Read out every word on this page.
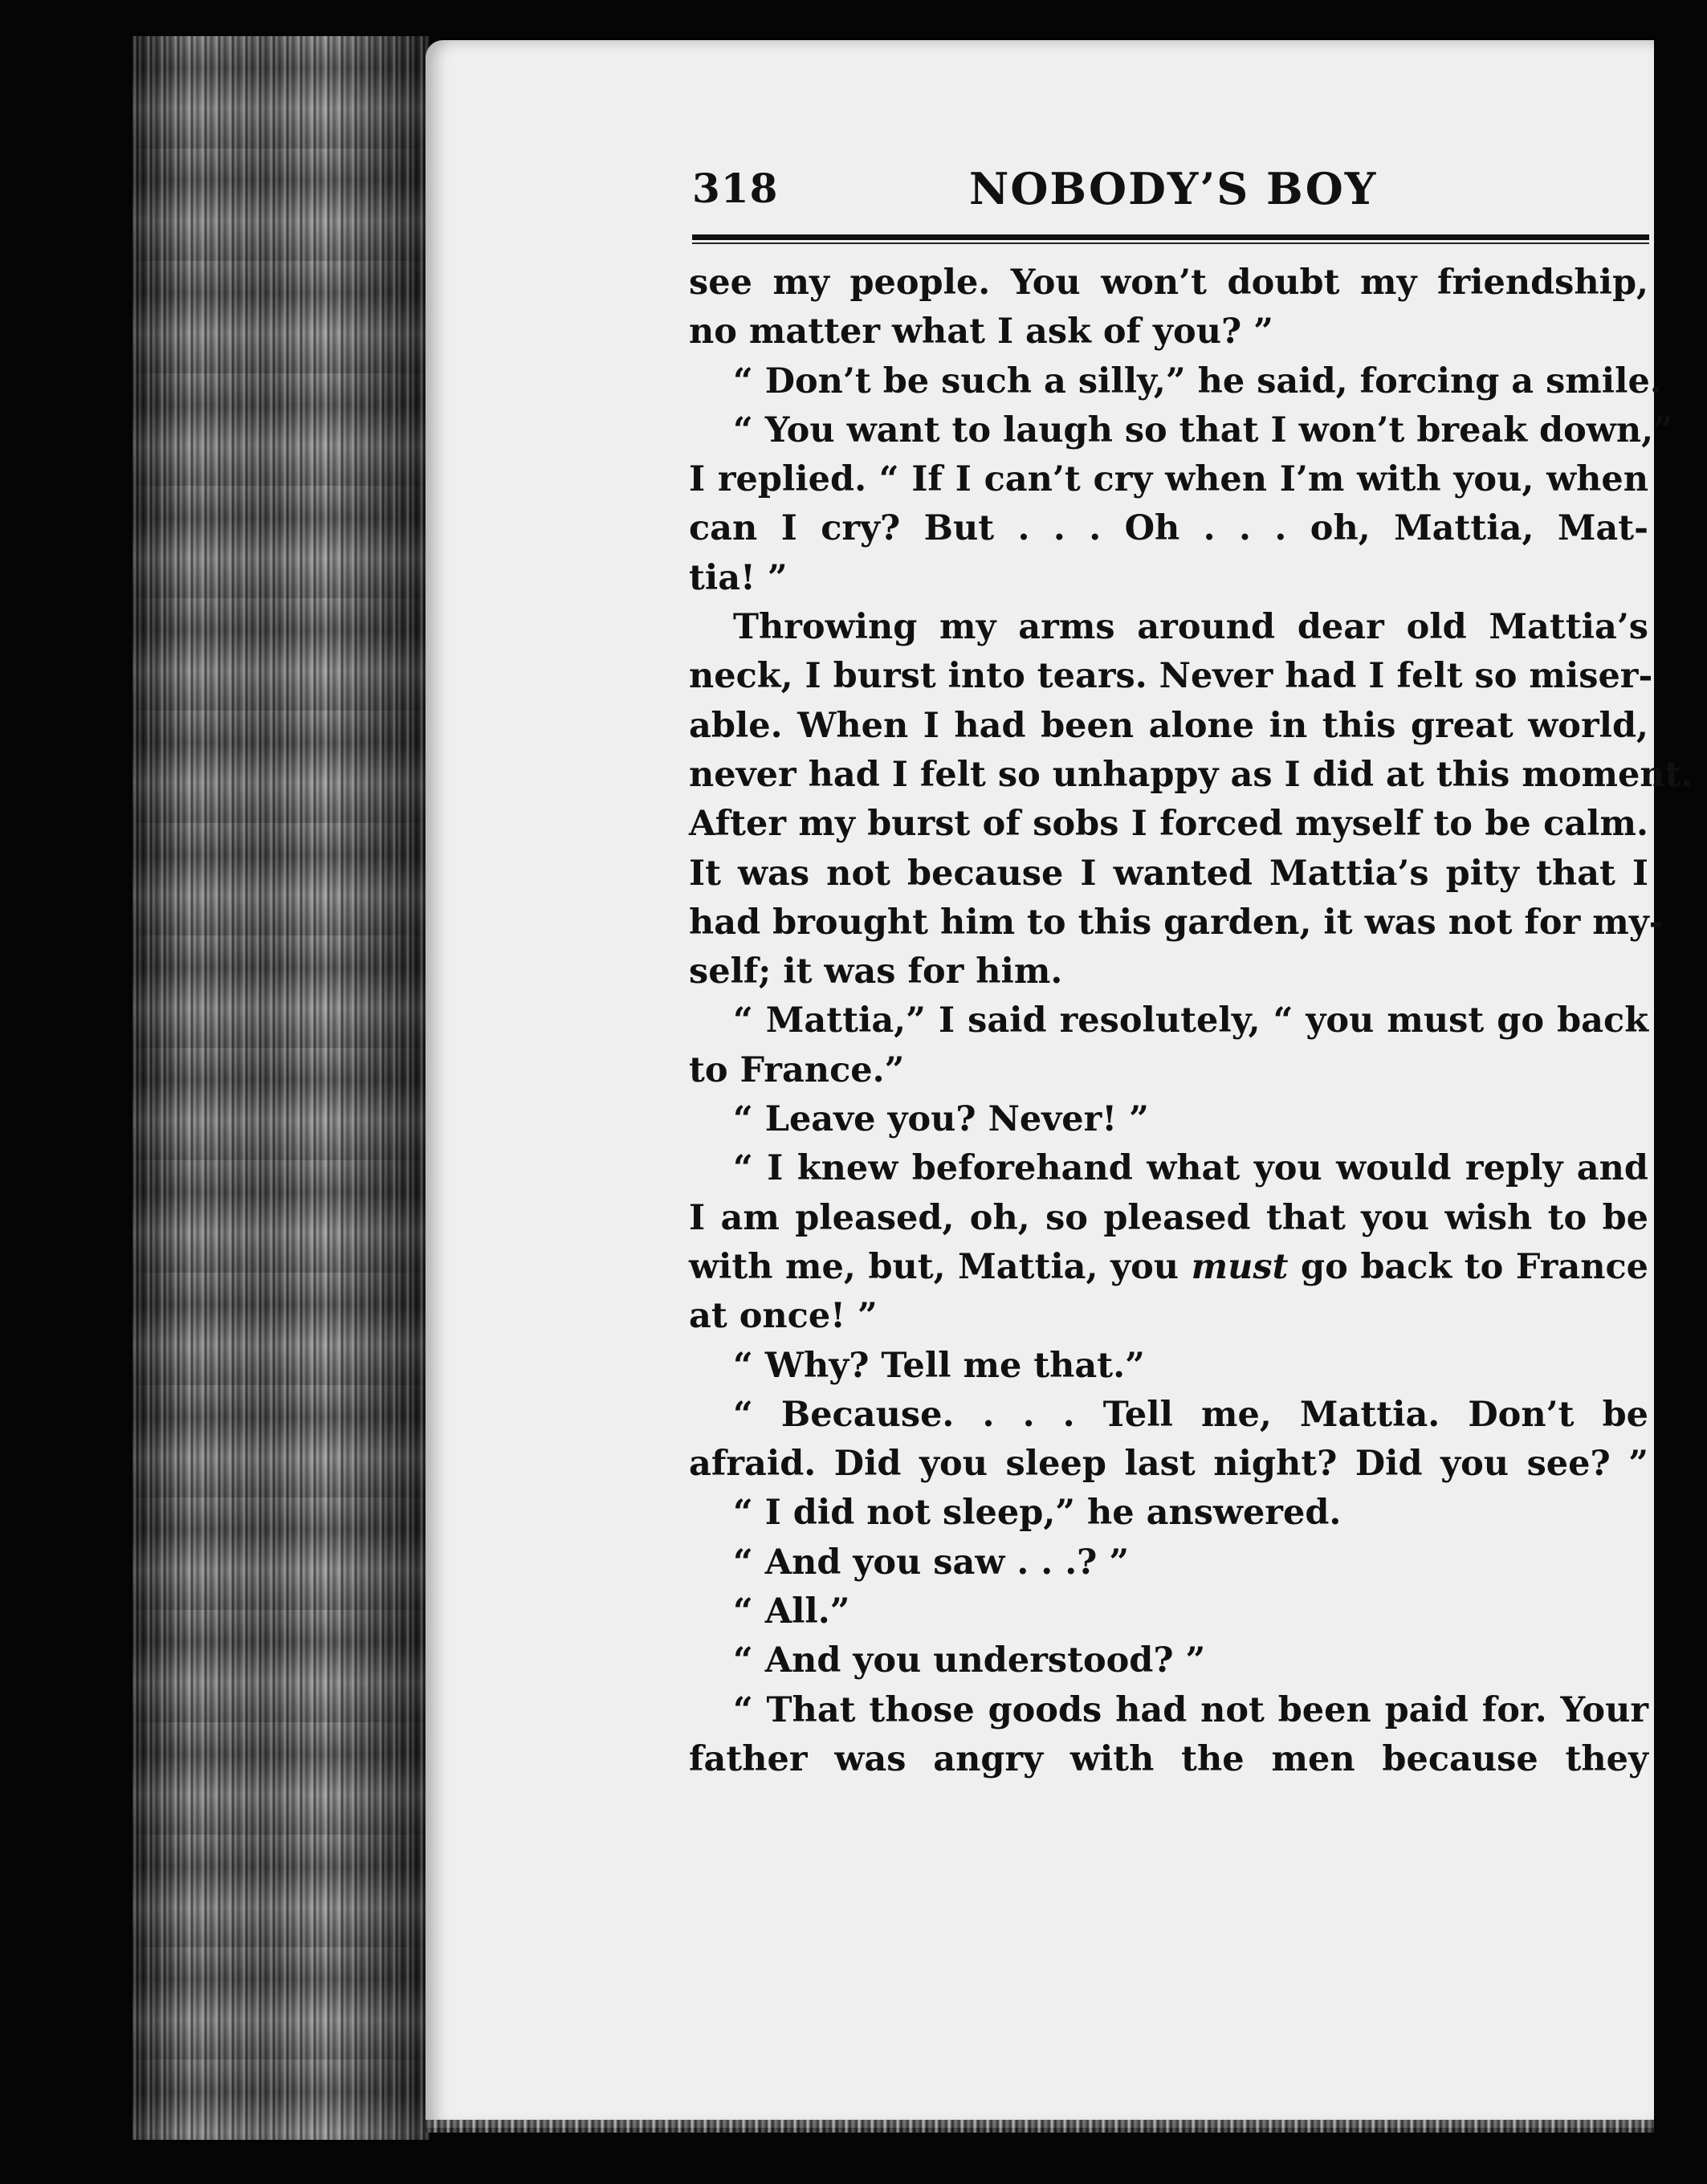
318	NOBODY’S BOY
see my people. You won’t doubt my friendship,
no matter what I ask of you? ”
“ Don’t be such a silly,” he said, forcing a smile.
“ You want to laugh so that I won’t break down,”
I replied. “ If I can’t cry when I’m with you, when
can I cry? But . . . Oh . . . oh, Mattia, Mat-
tia! ”
Throwing my arms around dear old Mattia’s
neck, I burst into tears. Never had I felt so miser-
able. When I had been alone in this great world,
never had I felt so unhappy as I did at this moment.
After my burst of sobs I forced myself to be calm.
It was not because I wanted Mattia’s pity that I
had brought him to this garden, it was not for my-
self; it was for him.
“ Mattia,” I said resolutely, “ you must go back
to France.”
“ Leave you? Never! ”
“ I knew beforehand what you would reply and
I am pleased, oh, so pleased that you wish to be
with me, but, Mattia, you must go back to France
at once! ”
“ Why? Tell me that.”
“ Because. . . . Tell me, Mattia. Don’t be
afraid. Did you sleep last night? Did you see? ”
“ I did not sleep,” he answered.
“ And you saw . . .? ”
“ All.”
“ And you understood? ”
“ That those goods had not been paid for. Your
father was angry with the men because they
